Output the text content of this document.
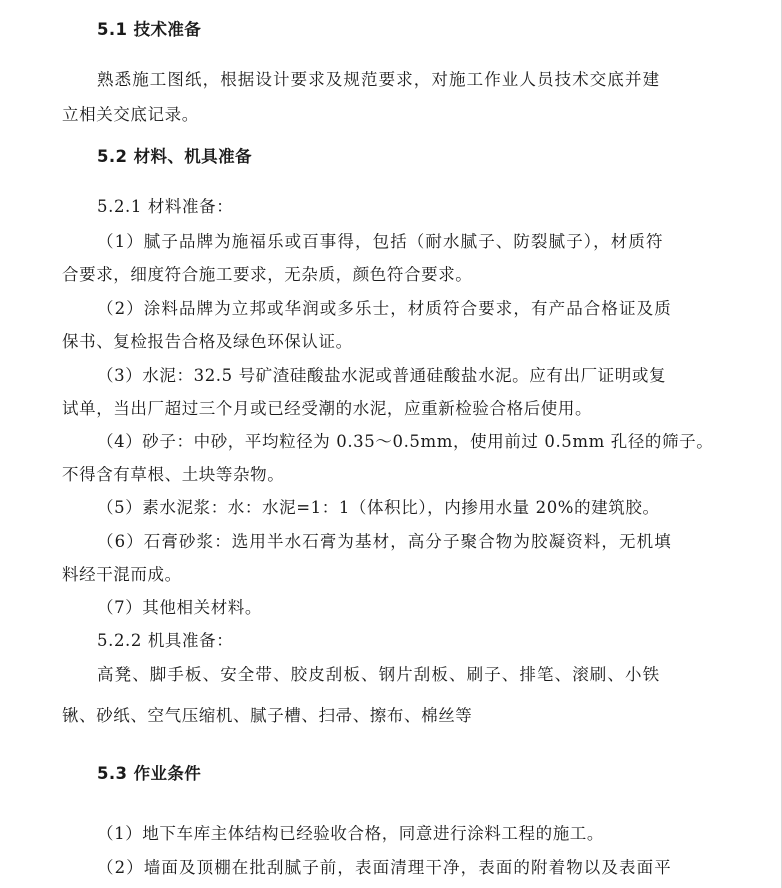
5.1 技术准备
熟悉施工图纸，根据设计要求及规范要求，对施工作业人员技术交底并建
立相关交底记录。
5.2 材料、机具准备
5.2.1 材料准备：
（1）腻子品牌为施福乐或百事得，包括（耐水腻子、防裂腻子），材质符
合要求，细度符合施工要求，无杂质，颜色符合要求。
（2）涂料品牌为立邦或华润或多乐士，材质符合要求，有产品合格证及质
保书、复检报告合格及绿色环保认证。
（3）水泥：32.5 号矿渣硅酸盐水泥或普通硅酸盐水泥。应有出厂证明或复
试单，当出厂超过三个月或已经受潮的水泥，应重新检验合格后使用。
（4）砂子：中砂，平均粒径为 0.35～0.5mm，使用前过 0.5mm 孔径的筛子。
不得含有草根、土块等杂物。
（5）素水泥浆：水：水泥=1：1（体积比），内掺用水量 20%的建筑胶。
（6）石膏砂浆：选用半水石膏为基材，高分子聚合物为胶凝资料，无机填
料经干混而成。
（7）其他相关材料。
5.2.2 机具准备：
高凳、脚手板、安全带、胶皮刮板、钢片刮板、刷子、排笔、滚刷、小铁
锹、砂纸、空气压缩机、腻子槽、扫帚、擦布、棉丝等
5.3 作业条件
（1）地下车库主体结构已经验收合格，同意进行涂料工程的施工。
（2）墙面及顶棚在批刮腻子前，表面清理干净，表面的附着物以及表面平
